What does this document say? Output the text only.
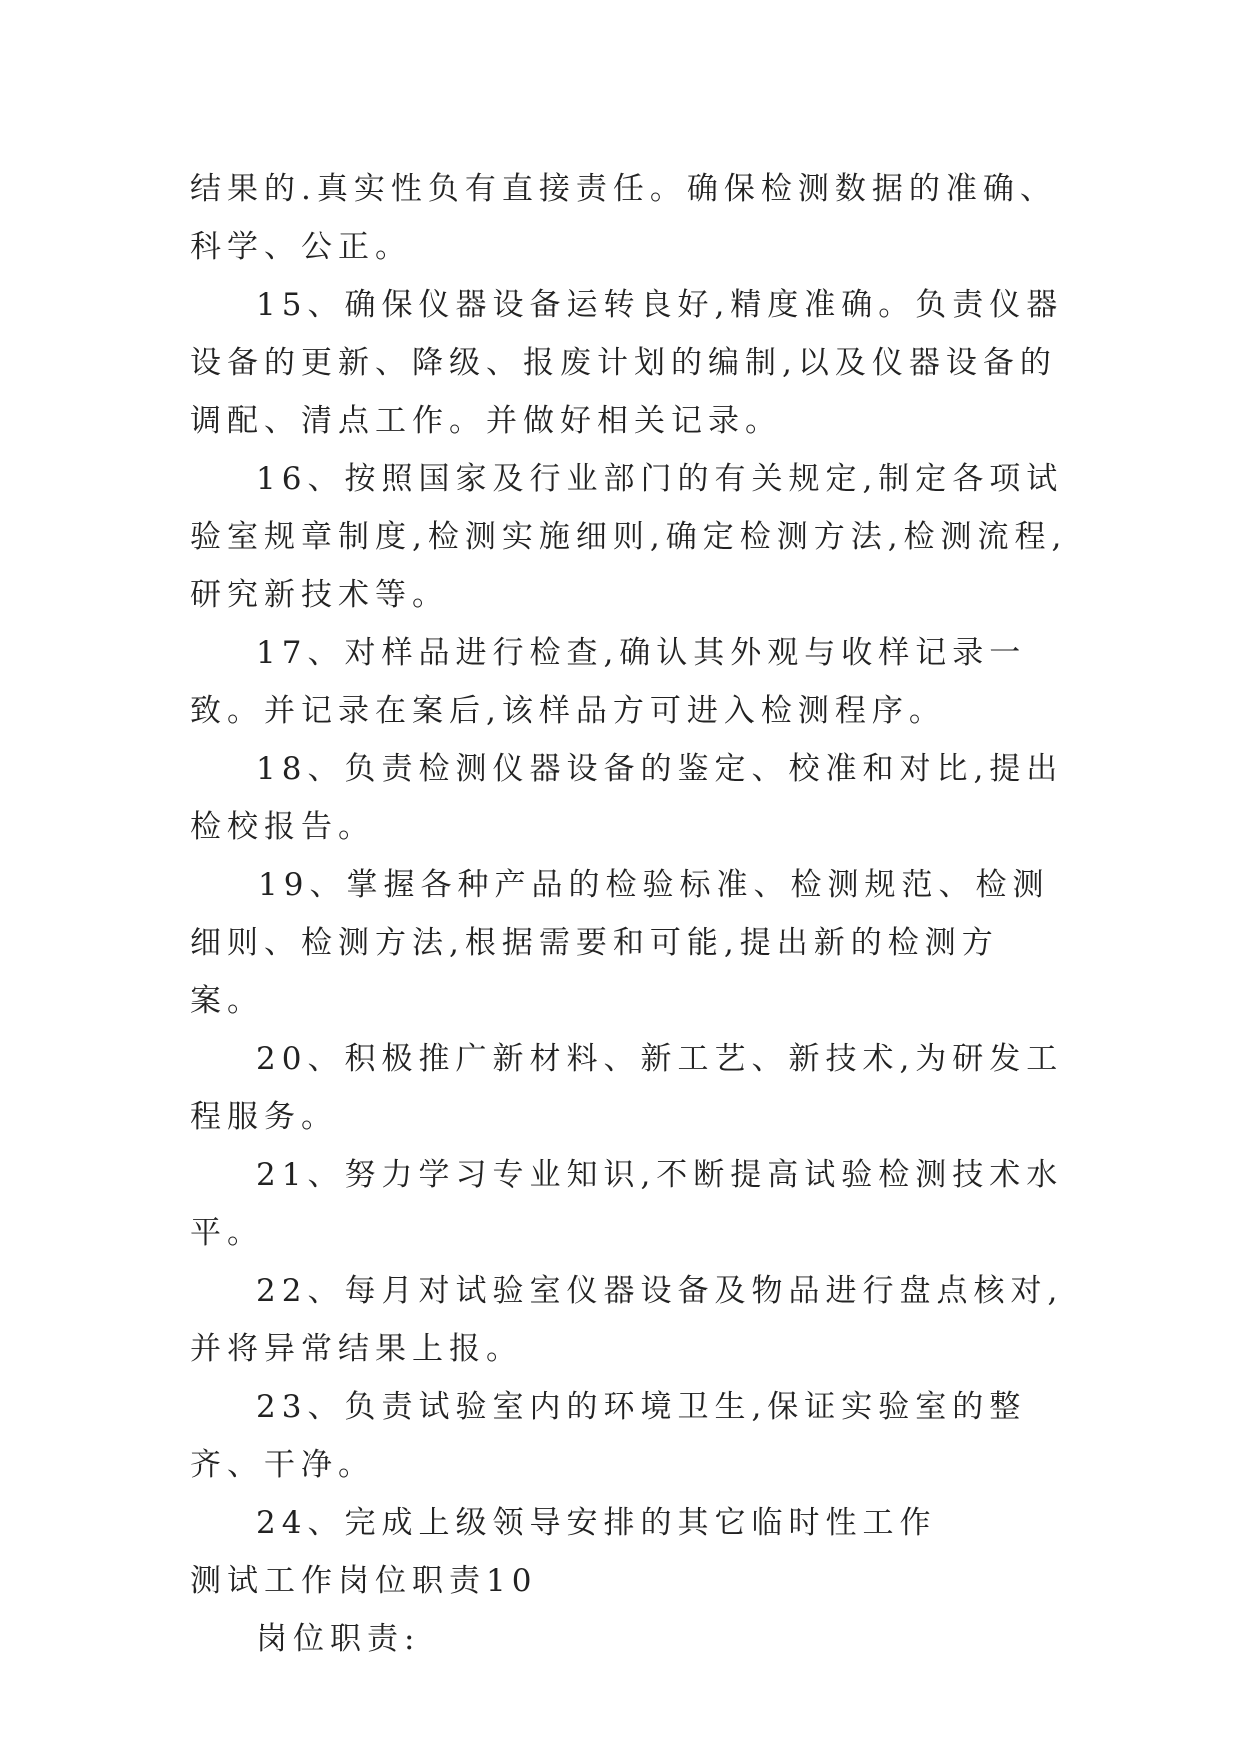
结果的.真实性负有直接责任。确保检测数据的准确、科学、公正。

15、确保仪器设备运转良好,精度准确。负责仪器设备的更新、降级、报废计划的编制,以及仪器设备的调配、清点工作。并做好相关记录。

16、按照国家及行业部门的有关规定,制定各项试验室规章制度,检测实施细则,确定检测方法,检测流程,研究新技术等。

17、对样品进行检查,确认其外观与收样记录一致。并记录在案后,该样品方可进入检测程序。

18、负责检测仪器设备的鉴定、校准和对比,提出检校报告。

19、掌握各种产品的检验标准、检测规范、检测细则、检测方法,根据需要和可能,提出新的检测方案。

20、积极推广新材料、新工艺、新技术,为研发工程服务。

21、努力学习专业知识,不断提高试验检测技术水平。

22、每月对试验室仪器设备及物品进行盘点核对,并将异常结果上报。

23、负责试验室内的环境卫生,保证实验室的整齐、干净。

24、完成上级领导安排的其它临时性工作

测试工作岗位职责10

岗位职责:
